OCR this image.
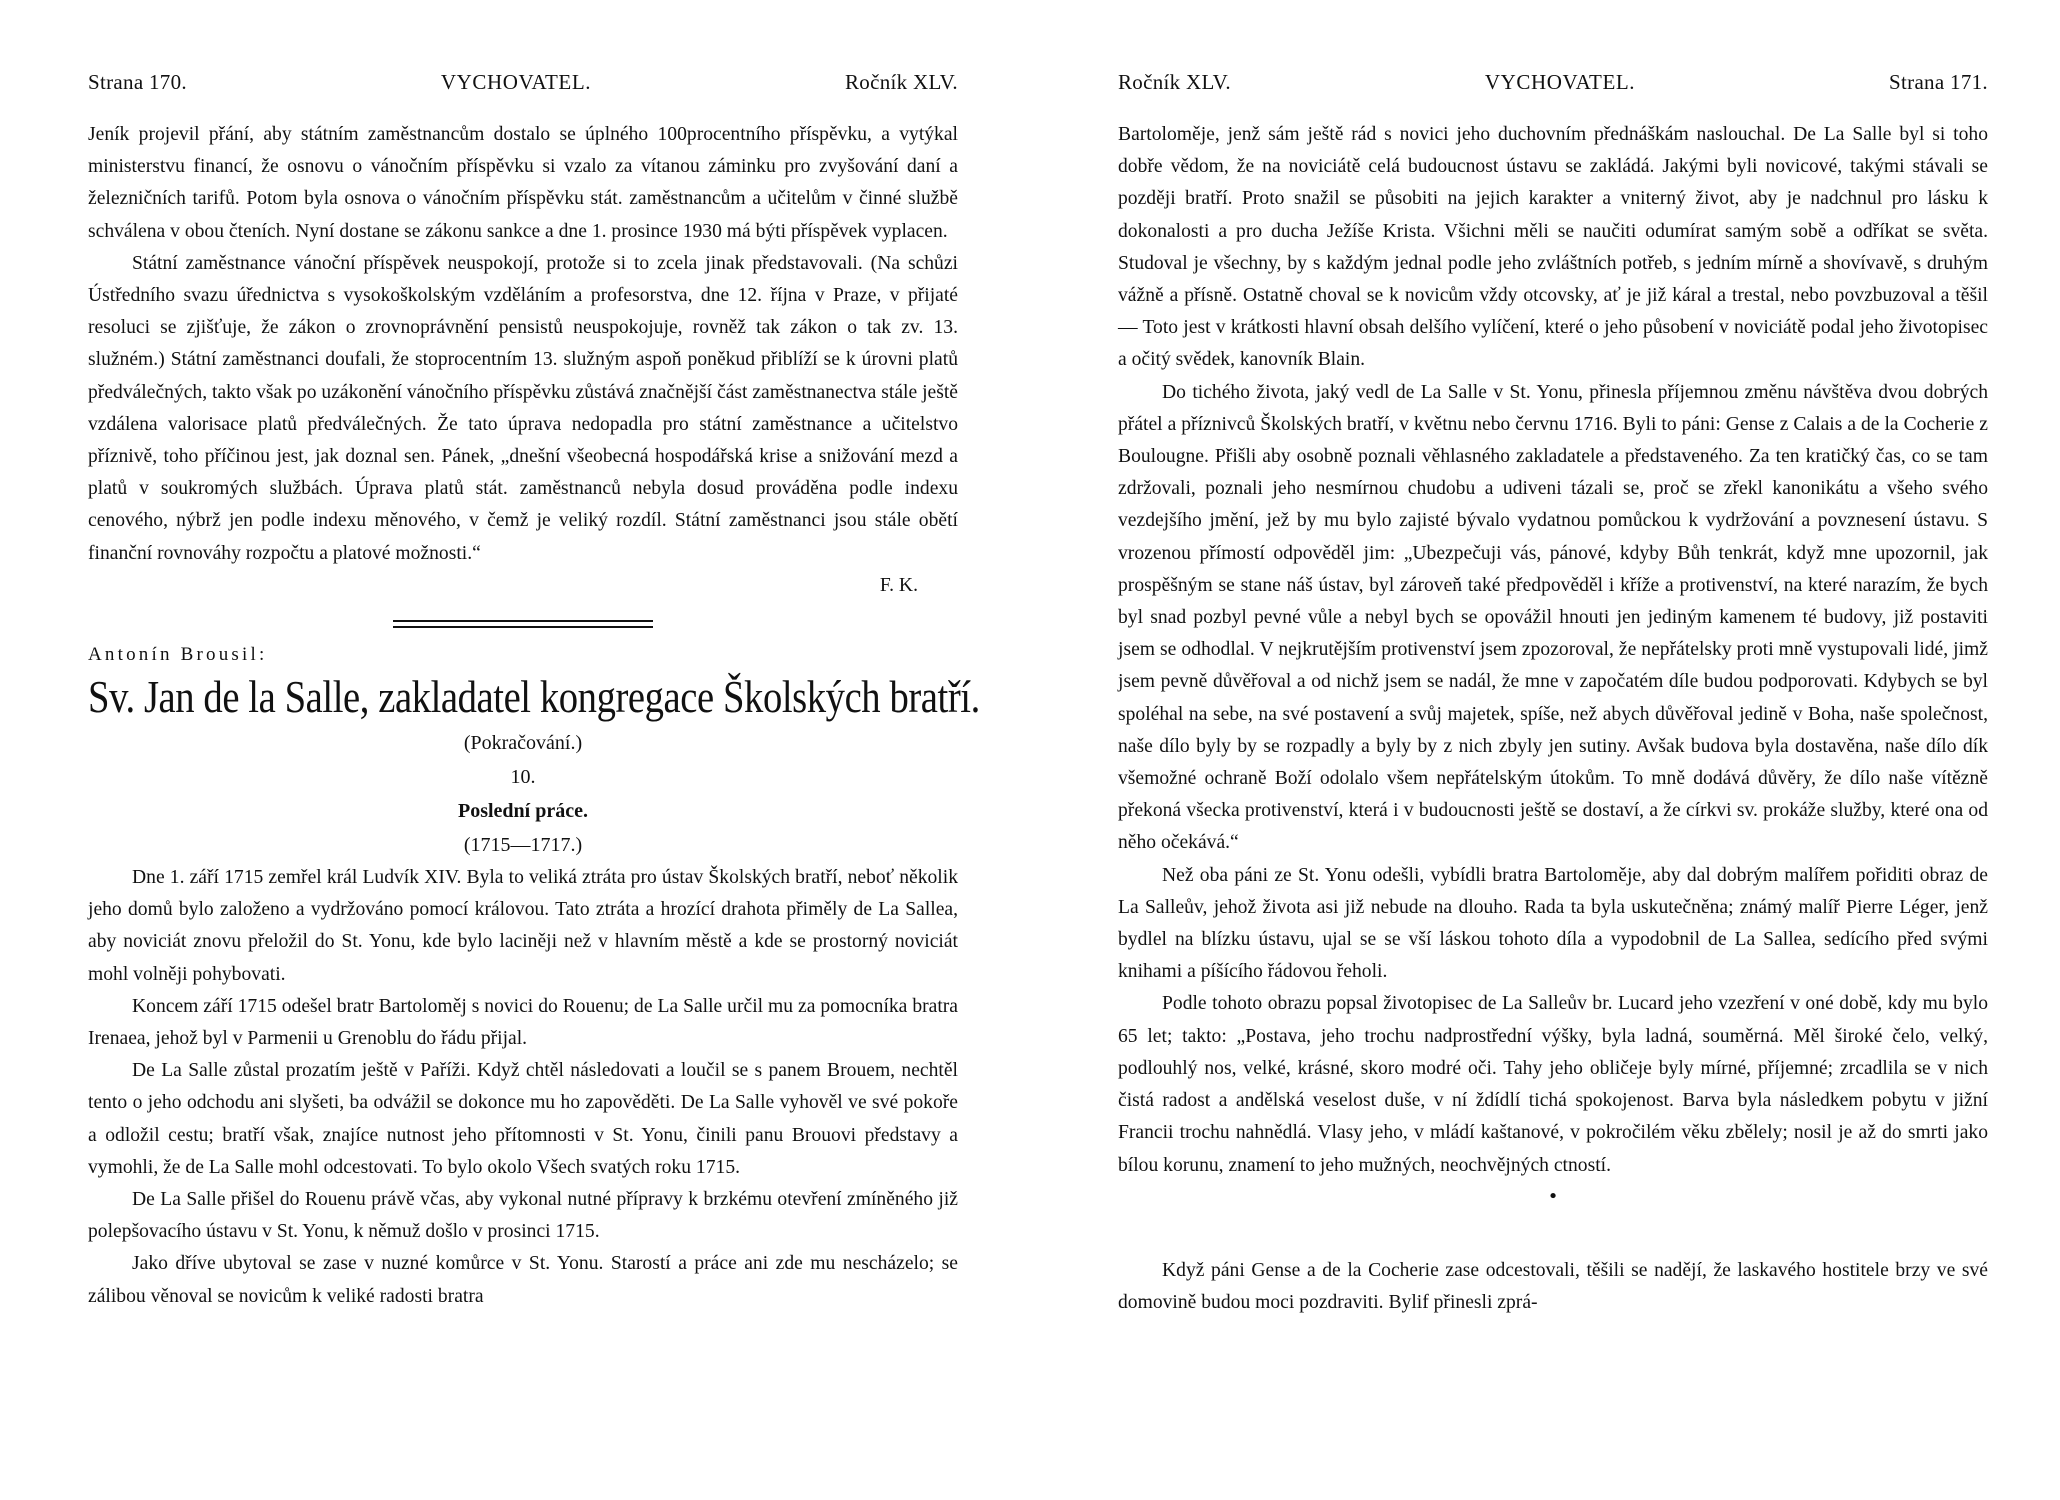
Strana 170.	VYCHOVATEL.	Ročník XLV.

Jeník projevil přání, aby státním zaměstnancům dostalo se úplného 100procentního příspěvku, a vytýkal ministerstvu financí, že osnovu o vánočním příspěvku si vzalo za vítanou záminku pro zvyšování daní a železničních tarifů. Potom byla osnova o vánočním příspěvku stát. zaměstnancům a učitelům v činné službě schválena v obou čteních. Nyní dostane se zákonu sankce a dne 1. prosince 1930 má býti příspěvek vyplacen.

Státní zaměstnance vánoční příspěvek neuspokojí, protože si to zcela jinak představovali. (Na schůzi Ústředního svazu úřednictva s vysokoškolským vzděláním a profesorstva, dne 12. října v Praze, v přijaté resoluci se zjišťuje, že zákon o zrovnoprávnění pensistů neuspokojuje, rovněž tak zákon o tak zv. 13. služném.) Státní zaměstnanci doufali, že stoprocentním 13. služným aspoň poněkud přiblíží se k úrovni platů předválečných, takto však po uzákonění vánočního příspěvku zůstává značnější část zaměstnanectva stále ještě vzdálena valorisace platů předválečných. Že tato úprava nedopadla pro státní zaměstnance a učitelstvo příznivě, toho příčinou jest, jak doznal sen. Pánek, „dnešní všeobecná hospodářská krise a snižování mezd a platů v soukromých službách. Úprava platů stát. zaměstnanců nebyla dosud prováděna podle indexu cenového, nýbrž jen podle indexu měnového, v čemž je veliký rozdíl. Státní zaměstnanci jsou stále obětí finanční rovnováhy rozpočtu a platové možnosti.“

F. K.
Antonín Brousil:
Sv. Jan de la Salle, zakladatel kongregace Školských bratří.
(Pokračování.)
10.
Poslední práce.
(1715—1717.)

Dne 1. září 1715 zemřel král Ludvík XIV. Byla to veliká ztráta pro ústav Školských bratří, neboť několik jeho domů bylo založeno a vydržováno pomocí královou. Tato ztráta a hrozící drahota přiměly de La Sallea, aby noviciát znovu přeložil do St. Yonu, kde bylo laciněji než v hlavním městě a kde se prostorný noviciát mohl volněji pohybovati.

Koncem září 1715 odešel bratr Bartoloměj s novici do Rouenu; de La Salle určil mu za pomocníka bratra Irenaea, jehož byl v Parmenii u Grenoblu do řádu přijal.

De La Salle zůstal prozatím ještě v Paříži. Když chtěl následovati a loučil se s panem Brouem, nechtěl tento o jeho odchodu ani slyšeti, ba odvážil se dokonce mu ho zapověděti. De La Salle vyhověl ve své pokoře a odložil cestu; bratří však, znajíce nutnost jeho přítomnosti v St. Yonu, činili panu Brouovi představy a vymohli, že de La Salle mohl odcestovati. To bylo okolo Všech svatých roku 1715.

De La Salle přišel do Rouenu právě včas, aby vykonal nutné přípravy k brzkému otevření zmíněného již polepšovacího ústavu v St. Yonu, k němuž došlo v prosinci 1715.

Jako dříve ubytoval se zase v nuzné komůrce v St. Yonu. Starostí a práce ani zde mu nescházelo; se zálibou věnoval se novicům k veliké radosti bratra

Ročník XLV.	VYCHOVATEL.	Strana 171.

Bartoloměje, jenž sám ještě rád s novici jeho duchovním přednáškám naslouchal. De La Salle byl si toho dobře vědom, že na noviciátě celá budoucnost ústavu se zakládá. Jakými byli novicové, takými stávali se později bratří. Proto snažil se působiti na jejich karakter a vniterný život, aby je nadchnul pro lásku k dokonalosti a pro ducha Ježíše Krista. Všichni měli se naučiti odumírat samým sobě a odříkat se světa. Studoval je všechny, by s každým jednal podle jeho zvláštních potřeb, s jedním mírně a shovívavě, s druhým vážně a přísně. Ostatně choval se k novicům vždy otcovsky, ať je již káral a trestal, nebo povzbuzoval a těšil — Toto jest v krátkosti hlavní obsah delšího vylíčení, které o jeho působení v noviciátě podal jeho životopisec a očitý svědek, kanovník Blain.

Do tichého života, jaký vedl de La Salle v St. Yonu, přinesla příjemnou změnu návštěva dvou dobrých přátel a příznivců Školských bratří, v květnu nebo červnu 1716. Byli to páni: Gense z Calais a de la Cocherie z Boulougne. Přišli aby osobně poznali věhlasného zakladatele a představeného. Za ten kratičký čas, co se tam zdržovali, poznali jeho nesmírnou chudobu a udiveni tázali se, proč se zřekl kanonikátu a všeho svého vezdejšího jmění, jež by mu bylo zajisté bývalo vydatnou pomůckou k vydržování a povznesení ústavu. S vrozenou přímostí odpověděl jim: „Ubezpečuji vás, pánové, kdyby Bůh tenkrát, když mne upozornil, jak prospěšným se stane náš ústav, byl zároveň také předpověděl i kříže a protivenství, na které narazím, že bych byl snad pozbyl pevné vůle a nebyl bych se opovážil hnouti jen jediným kamenem té budovy, již postaviti jsem se odhodlal. V nejkrutějším protivenství jsem zpozoroval, že nepřátelsky proti mně vystupovali lidé, jimž jsem pevně důvěřoval a od nichž jsem se nadál, že mne v započatém díle budou podporovati. Kdybych se byl spoléhal na sebe, na své postavení a svůj majetek, spíše, než abych důvěřoval jedině v Boha, naše společnost, naše dílo byly by se rozpadly a byly by z nich zbyly jen sutiny. Avšak budova byla dostavěna, naše dílo dík všemožné ochraně Boží odolalo všem nepřátelským útokům. To mně dodává důvěry, že dílo naše vítězně překoná všecka protivenství, která i v budoucnosti ještě se dostaví, a že církvi sv. prokáže služby, které ona od něho očekává.“

Než oba páni ze St. Yonu odešli, vybídli bratra Bartoloměje, aby dal dobrým malířem pořiditi obraz de La Salleův, jehož života asi již nebude na dlouho. Rada ta byla uskutečněna; známý malíř Pierre Léger, jenž bydlel na blízku ústavu, ujal se se vší láskou tohoto díla a vypodobnil de La Sallea, sedícího před svými knihami a píšícího řádovou řeholi.

Podle tohoto obrazu popsal životopisec de La Salleův br. Lucard jeho vzezření v oné době, kdy mu bylo 65 let; takto: „Postava, jeho trochu nadprostřední výšky, byla ladná, souměrná. Měl široké čelo, velký, podlouhlý nos, velké, krásné, skoro modré oči. Tahy jeho obličeje byly mírné, příjemné; zrcadlila se v nich čistá radost a andělská veselost duše, v ní ždídlí tichá spokojenost. Barva byla následkem pobytu v jižní Francii trochu nahnědlá. Vlasy jeho, v mládí kaštanové, v pokročilém věku zbělely; nosil je až do smrti jako bílou korunu, znamení to jeho mužných, neochvějných ctností.

•

Když páni Gense a de la Cocherie zase odcestovali, těšili se nadějí, že laskavého hostitele brzy ve své domovině budou moci pozdraviti. Bylif přinesli zprá-
